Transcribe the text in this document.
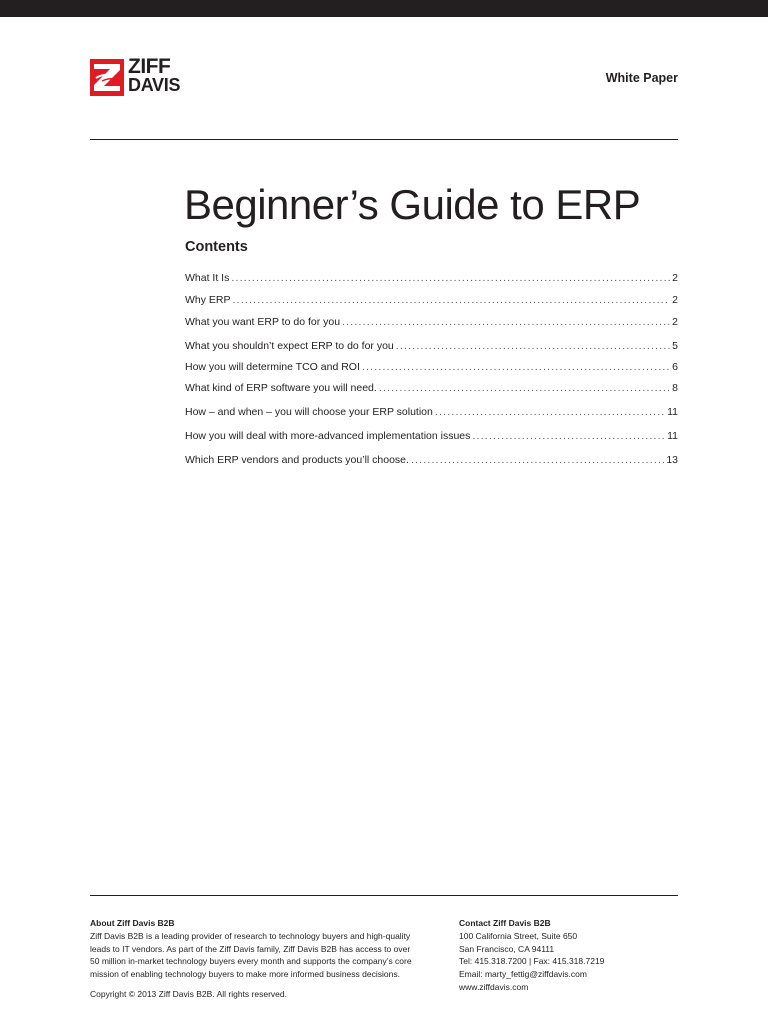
ZIFF
DAVIS	White Paper
Beginner’s Guide to ERP
Contents
What It Is .....	2
Why ERP .....	2
What you want ERP to do for you .....	2
What you shouldn’t expect ERP to do for you .....	5
How you will determine TCO and ROI .....	6
What kind of ERP software you will need. .....	8
How – and when – you will choose your ERP solution .....	11
How you will deal with more-advanced implementation issues .....	11
Which ERP vendors and products you’ll choose. .....	13
About Ziff Davis B2B
Ziff Davis B2B is a leading provider of research to technology buyers and high-quality
leads to IT vendors. As part of the Ziff Davis family, Ziff Davis B2B has access to over
50 million in-market technology buyers every month and supports the company’s core
mission of enabling technology buyers to make more informed business decisions.
Copyright © 2013 Ziff Davis B2B. All rights reserved.
Contact Ziff Davis B2B
100 California Street, Suite 650
San Francisco, CA 94111
Tel: 415.318.7200 | Fax: 415.318.7219
Email: marty_fettig@ziffdavis.com
www.ziffdavis.com
